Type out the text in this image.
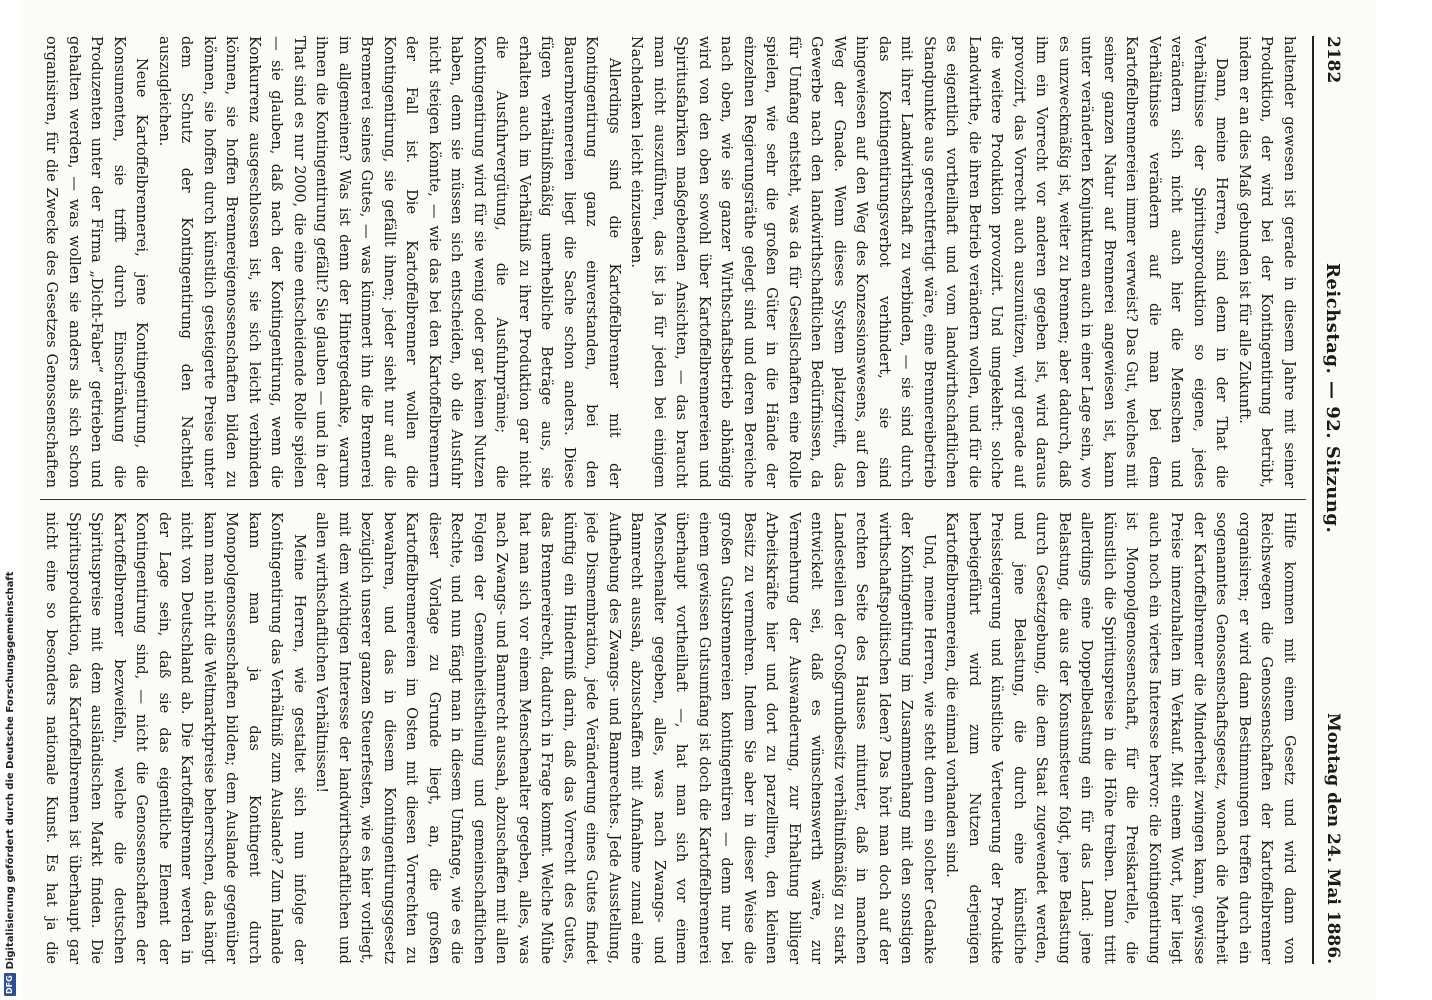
2182
Reichstag. — 92. Sitzung.
Montag den 24. Mai 1886.

haltender gewesen ist gerade in diesem Jahre mit seiner Produktion, der wird bei der Kontingentirung betrübt, indem er an dies Maß gebunden ist für alle Zukunft.

Dann, meine Herren, sind denn in der That die Verhältnisse der Spiritusproduktion so eigene, jedes verändern sich nicht auch hier die Menschen und Verhältnisse verändern auf die man bei dem Kartoffelbrennereien immer verweist? Das Gut, welches mit seiner ganzen Natur auf Brennerei angewiesen ist, kann unter veränderten Konjunkturen auch in einer Lage sein, wo es unzweckmäßig ist, weiter zu brennen; aber dadurch, daß ihm ein Vorrecht vor anderen gegeben ist, wird daraus provozirt, das Vorrecht auch auszunützen, wird gerade auf die weitere Produktion provozirt. Und umgekehrt: solche Landwirthe, die ihren Betrieb verändern wollen, und für die es eigentlich vortheilhaft und vom landwirthschaftlichen Standpunkte aus gerechtfertigt wäre, eine Brennereibetrieb mit ihrer Landwirthschaft zu verbinden, — sie sind durch das Kontingentirungsverbot verhindert, sie sind hingewiesen auf den Weg des Konzessionswesens, auf den Weg der Gnade. Wenn dieses System platzgreift, das Gewerbe nach den landwirthschaftlichen Bedürfnissen, da für Umfang entsteht, was da für Gesellschaften eine Rolle spielen, wie sehr die großen Güter in die Hände der einzelnen Regierungsräthe gelegt sind und deren Bereiche nach oben, wie sie ganzer Wirthschaftsbetrieb abhängig wird von den oben sowohl über Kartoffelbrennereien und Spiritusfabriken maßgebenden Ansichten, — das braucht man nicht auszuführen, das ist ja für jeden bei einigem Nachdenken leicht einzusehen.

Allerdings sind die Kartoffelbrenner mit der Kontingentirung ganz einverstanden, bei den Bauernbrennereien liegt die Sache schon anders. Diese fügen verhältnißmäßig unerhebliche Beträge aus, sie erhalten auch im Verhältniß zu ihrer Produktion gar nicht die Ausfuhrvergütung, die Ausfuhrprämie; die Kontingentirung wird für sie wenig oder gar keinen Nutzen haben, denn sie müssen sich entscheiden, ob die Ausfuhr nicht steigen könnte, — wie das bei den Kartoffelbrennern der Fall ist. Die Kartoffelbrenner wollen die Kontingentirung, sie gefällt ihnen; jeder sieht nur auf die Brennerei seines Gutes, — was kümmert ihn die Brennerei im allgemeinen? Was ist denn der Hintergedanke, warum ihnen die Kontingentirung gefällt? Sie glauben — und in der That sind es nur 2000, die eine entscheidende Rolle spielen — sie glauben, daß nach der Kontingentirung, wenn die Konkurrenz ausgeschlossen ist, sie sich leicht verbinden können, sie hoffen Brennereigenossenschaften bilden zu können, sie hoffen durch künstlich gesteigerte Preise unter dem Schutz der Kontingentirung den Nachtheil auszugleichen.

Neue Kartoffelbrennerei, jene Kontingentirung, die Konsumenten, sie trifft durch Einschränkung die Produzenten unter der Firma „Dicht-Faber“ getrieben und gehalten werden, — was wollen sie anders als sich schon organisiren, für die Zwecke des Gesetzes Genossenschaften

Hilfe kommen mit einem Gesetz und wird dann von Reichswegen die Genossenschaften der Kartoffelbrenner organisiren; er wird dann Bestimmungen treffen durch ein sogenanntes Genossenschaftsgesetz, wonach die Mehrheit der Kartoffelbrenner die Minderheit zwingen kann, gewisse Preise innezuhalten im Verkauf. Mit einem Wort, hier liegt auch noch ein viertes Interesse hervor: die Kontingentirung ist Monopolgenossenschaft, für die Preiskartelle, die künstlich die Spirituspreise in die Höhe treiben. Dann tritt allerdings eine Doppelbelastung ein für das Land: jene Belastung, die aus der Konsumsteuer folgt, jene Belastung durch Gesetzgebung, die dem Staat zugewendet werden, und jene Belastung, die durch eine künstliche Preissteigerung und künstliche Verteuerung der Produkte herbeigeführt wird zum Nutzen derjenigen Kartoffelbrennereien, die einmal vorhanden sind.

Und, meine Herren, wie steht denn ein solcher Gedanke der Kontingentirung im Zusammenhang mit den sonstigen wirthschaftspolitischen Ideen? Das hört man doch auf der rechten Seite des Hauses mitunter, daß in manchen Landesteilen der Großgrundbesitz verhältnißmäßig zu stark entwickelt sei, daß es wünschenswerth wäre, zur Vermehrung der Auswanderung, zur Erhaltung billiger Arbeitskräfte hier und dort zu parzelliren, den kleinen Besitz zu vermehren. Indem Sie aber in dieser Weise die großen Gutsbrennereien kontingentiren — denn nur bei einem gewissen Gutsumfang ist doch die Kartoffelbrennerei überhaupt vortheilhaft —, hat man sich vor einem Menschenalter gegeben, alles, was nach Zwangs- und Bannrecht aussah, abzuschaffen mit Aufnahme zumal eine Aufhebung des Zwangs- und Bannrechtes. Jede Ausstellung, jede Dismembration, jede Veränderung eines Gutes findet künftig ein Hinderniß darin, daß das Vorrecht des Gutes, das Brennereirecht, dadurch in Frage kommt. Welche Mühe hat man sich vor einem Menschenalter gegeben, alles, was nach Zwangs- und Bannrecht aussah, abzuschaffen mit allen Folgen der Gemeinheitstheilung und gemeinschaftlichen Rechte, und nun fängt man in diesem Umfange, wie es die dieser Vorlage zu Grunde liegt, an, die großen Kartoffelbrennereien im Osten mit diesen Vorrechten zu bewahren, und das in diesem Kontingentirungsgesetz bezüglich unserer ganzen Steuerfesten, wie es hier vorliegt, mit dem wichtigen Interesse der landwirthschaftlichen und allen wirthschaftlichen Verhältnissen!

Meine Herren, wie gestaltet sich nun infolge der Kontingentirung das Verhältniß zum Auslande? Zum Inlande kann man ja das Kontingent durch Monopolgenossenschaften bilden; dem Auslande gegenüber kann man nicht die Weltmarktpreise beherrschen, das hängt nicht von Deutschland ab. Die Kartoffelbrenner werden in der Lage sein, daß sie das eigentliche Element der Kontingentirung sind, — nicht die Genossenschaften der Kartoffelbrenner bezweifeln, welche die deutschen Spirituspreise mit dem ausländischen Markt finden. Die Spiritusproduktion, das Kartoffelbrennen ist überhaupt gar nicht eine so besonders nationale Kunst. Es hat ja die

DFG
Digitalisierung gefördert durch die Deutsche Forschungsgemeinschaft
